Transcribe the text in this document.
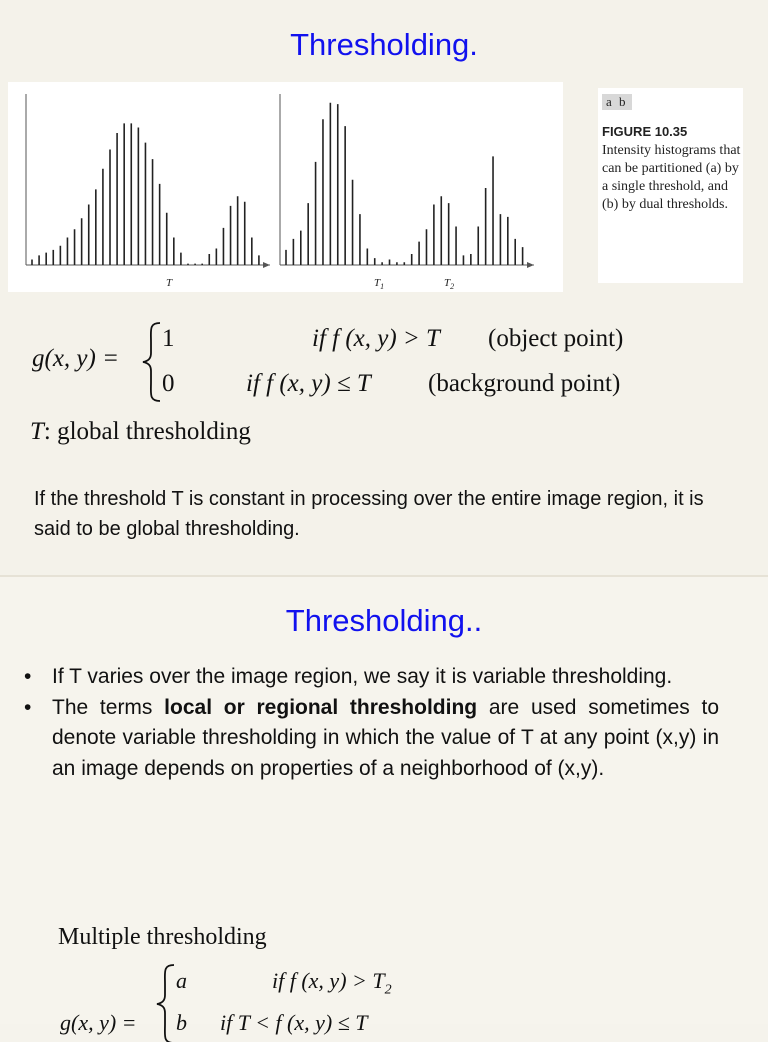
Thresholding.
T	$T_1$	$T_2$
a b
FIGURE 10.35
Intensity histograms that can be partitioned (a) by a single threshold, and (b) by dual thresholds.
g(x, y) =
1	if f (x, y) > T (object point)
0	if f (x, y) ≤ T (background point)
T: global thresholding
If the threshold T is constant in processing over the entire image region, it is said to be global thresholding.
Thresholding..
• If T varies over the image region, we say it is variable thresholding.
• The terms local or regional thresholding are used sometimes to denote variable thresholding in which the value of T at any point (x,y) in an image depends on properties of a neighborhood of (x,y).
Multiple thresholding
a	if f (x, $y) > T_2$
g(x, y) = b if T < f (x, y) ≤ T
